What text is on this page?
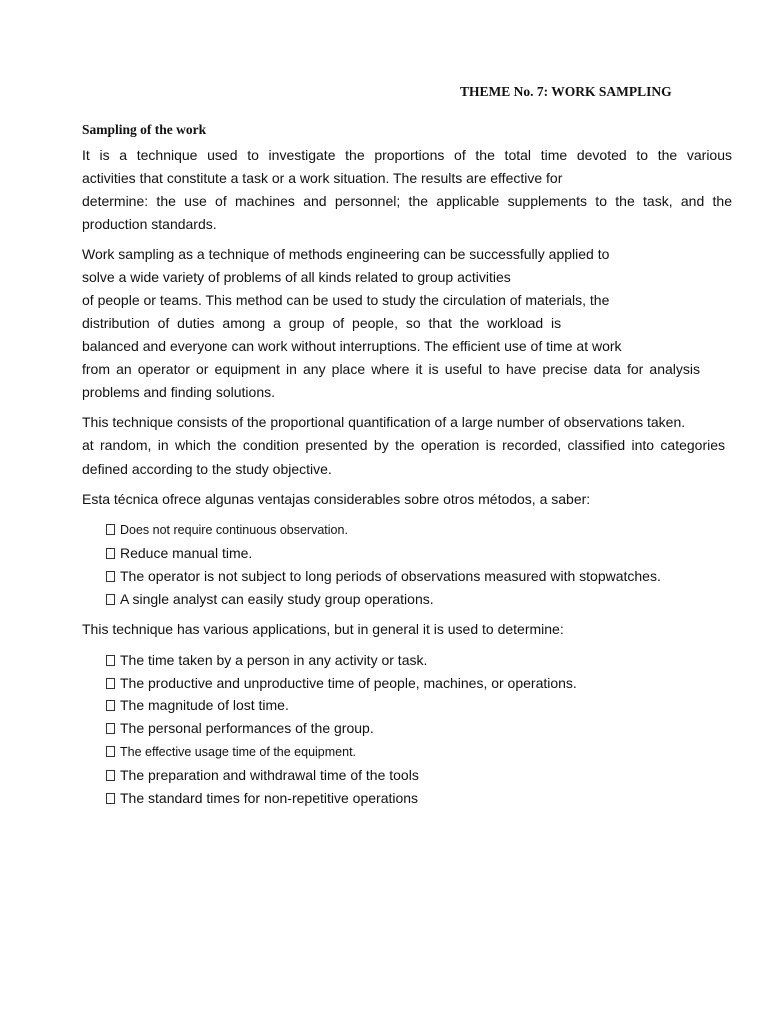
THEME No. 7: WORK SAMPLING
Sampling of the work
It is a technique used to investigate the proportions of the total time devoted to the various
activities that constitute a task or a work situation. The results are effective for
determine: the use of machines and personnel; the applicable supplements to the task, and the
production standards.
Work sampling as a technique of methods engineering can be successfully applied to
solve a wide variety of problems of all kinds related to group activities
of people or teams. This method can be used to study the circulation of materials, the
distribution of duties among a group of people, so that the workload is
balanced and everyone can work without interruptions. The efficient use of time at work
from an operator or equipment in any place where it is useful to have precise data for analysis
problems and finding solutions.
This technique consists of the proportional quantification of a large number of observations taken.
at random, in which the condition presented by the operation is recorded, classified into categories
defined according to the study objective.
Esta técnica ofrece algunas ventajas considerables sobre otros métodos, a saber:
Does not require continuous observation.
Reduce manual time.
The operator is not subject to long periods of observations measured with stopwatches.
A single analyst can easily study group operations.
This technique has various applications, but in general it is used to determine:
The time taken by a person in any activity or task.
The productive and unproductive time of people, machines, or operations.
The magnitude of lost time.
The personal performances of the group.
The effective usage time of the equipment.
The preparation and withdrawal time of the tools
The standard times for non-repetitive operations
